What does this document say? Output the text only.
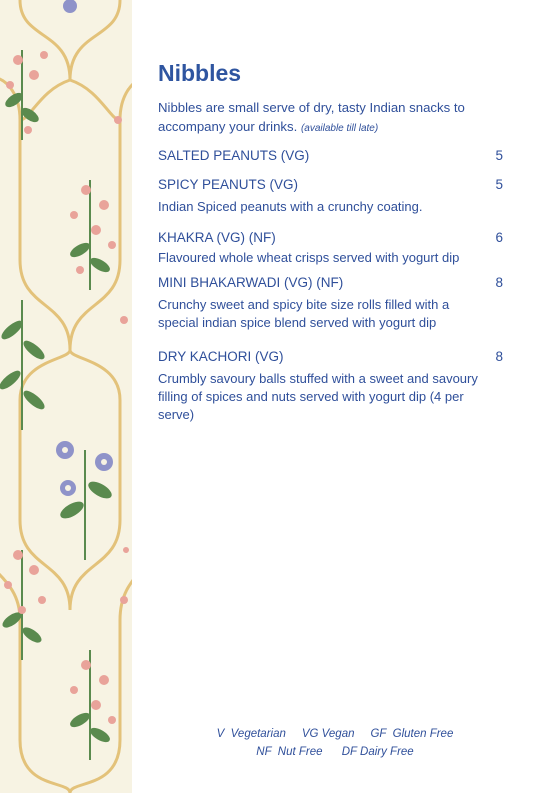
Nibbles

Nibbles are small serve of dry, tasty Indian snacks to accompany your drinks. (available till late)

SALTED PEANUTS (VG)	5
SPICY PEANUTS (VG)	5
Indian Spiced peanuts with a crunchy coating.
KHAKRA (VG) (NF)	6
Flavoured whole wheat crisps served with yogurt dip
MINI BHAKARWADI (VG) (NF)	8
Crunchy sweet and spicy bite size rolls filled with a special indian spice blend served with yogurt dip
DRY KACHORI (VG)	8
Crumbly savoury balls stuffed with a sweet and savoury filling of spices and nuts served with yogurt dip (4 per serve)
V  Vegetarian     VG Vegan     GF  Gluten Free
NF  Nut Free      DF Dairy Free
